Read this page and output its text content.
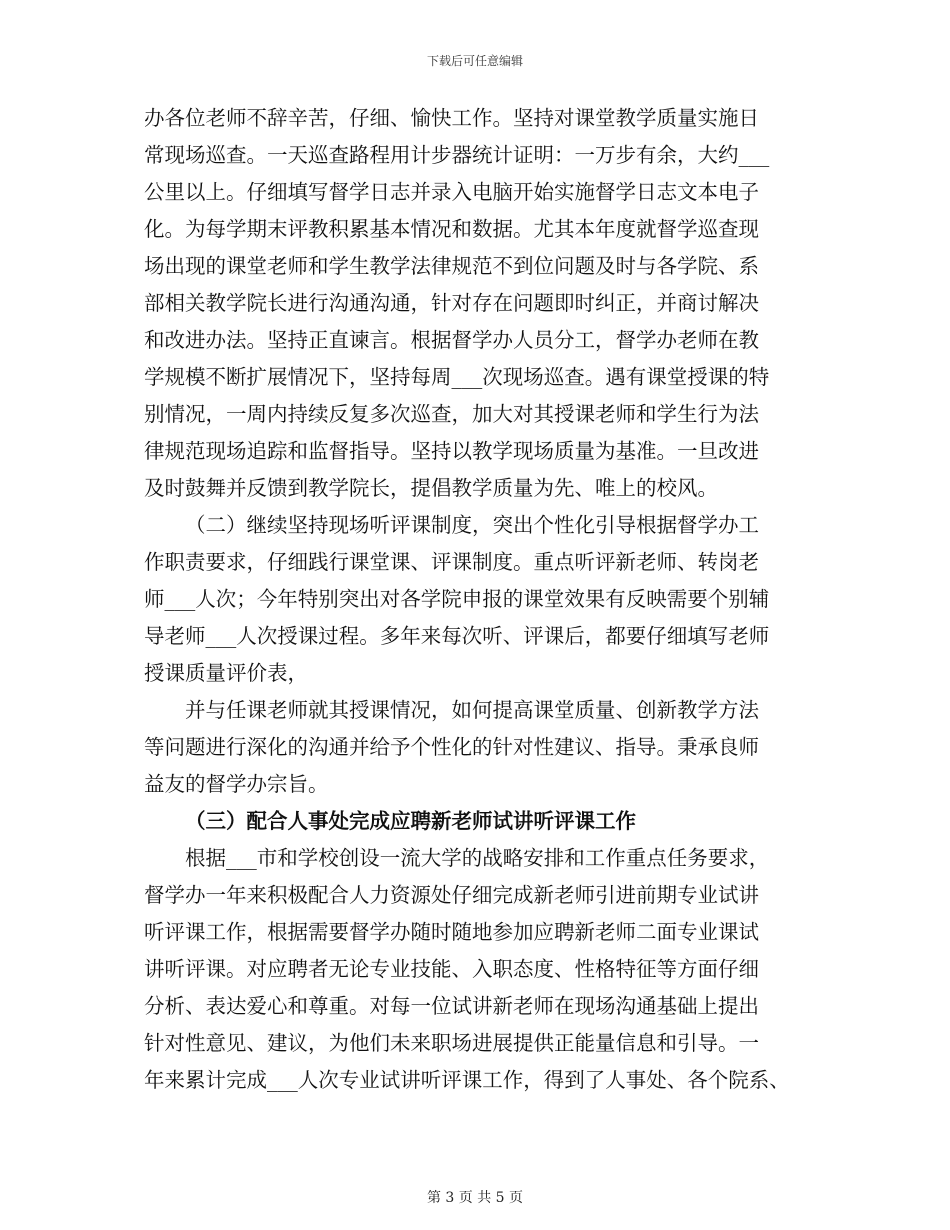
下载后可任意编辑
办各位老师不辞辛苦，仔细、愉快工作。坚持对课堂教学质量实施日
常现场巡查。一天巡查路程用计步器统计证明：一万步有余，大约___
公里以上。仔细填写督学日志并录入电脑开始实施督学日志文本电子
化。为每学期末评教积累基本情况和数据。尤其本年度就督学巡查现
场出现的课堂老师和学生教学法律规范不到位问题及时与各学院、系
部相关教学院长进行沟通沟通，针对存在问题即时纠正，并商讨解决
和改进办法。坚持正直谏言。根据督学办人员分工，督学办老师在教
学规模不断扩展情况下，坚持每周___次现场巡查。遇有课堂授课的特
别情况，一周内持续反复多次巡查，加大对其授课老师和学生行为法
律规范现场追踪和监督指导。坚持以教学现场质量为基准。一旦改进
及时鼓舞并反馈到教学院长，提倡教学质量为先、唯上的校风。
（二）继续坚持现场听评课制度，突出个性化引导根据督学办工
作职责要求，仔细践行课堂课、评课制度。重点听评新老师、转岗老
师___人次；今年特别突出对各学院申报的课堂效果有反映需要个别辅
导老师___人次授课过程。多年来每次听、评课后，都要仔细填写老师
授课质量评价表，
并与任课老师就其授课情况，如何提高课堂质量、创新教学方法
等问题进行深化的沟通并给予个性化的针对性建议、指导。秉承良师
益友的督学办宗旨。
（三）配合人事处完成应聘新老师试讲听评课工作
根据___市和学校创设一流大学的战略安排和工作重点任务要求，
督学办一年来积极配合人力资源处仔细完成新老师引进前期专业试讲
听评课工作，根据需要督学办随时随地参加应聘新老师二面专业课试
讲听评课。对应聘者无论专业技能、入职态度、性格特征等方面仔细
分析、表达爱心和尊重。对每一位试讲新老师在现场沟通基础上提出
针对性意见、建议，为他们未来职场进展提供正能量信息和引导。一
年来累计完成___人次专业试讲听评课工作，得到了人事处、各个院系、
第 3 页 共 5 页
